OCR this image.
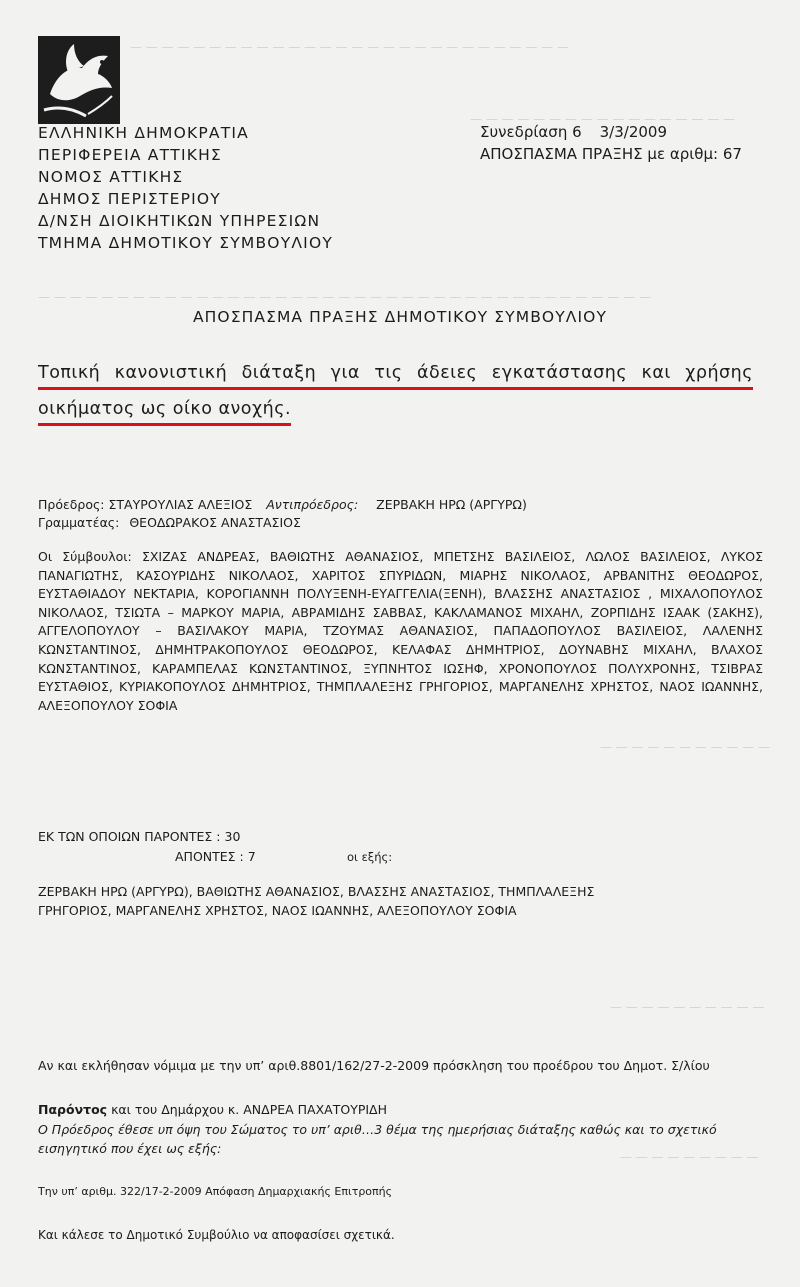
— — — — — — — — — — — — — — — — — — — — — — — — — — — —
— — — — — — — — — — — — — — — — —
— — — — — — — — — — — — — — — — — — — — — — — — — — — — — — — — — — — — — — —
— — — — — — — — — — —
— — — — — — — — — —
— — — — — — — — —
ΕΛΛΗΝΙΚΗ ΔΗΜΟΚΡΑΤΙΑ
ΠΕΡΙΦΕΡΕΙΑ ΑΤΤΙΚΗΣ
ΝΟΜΟΣ ΑΤΤΙΚΗΣ
ΔΗΜΟΣ ΠΕΡΙΣΤΕΡΙΟΥ
Δ/ΝΣΗ ΔΙΟΙΚΗΤΙΚΩΝ ΥΠΗΡΕΣΙΩΝ
ΤΜΗΜΑ ΔΗΜΟΤΙΚΟΥ ΣΥΜΒΟΥΛΙΟΥ
Συνεδρίαση 6 3/3/2009
ΑΠΟΣΠΑΣΜΑ ΠΡΑΞΗΣ με αριθμ: 67
ΑΠΟΣΠΑΣΜΑ ΠΡΑΞΗΣ ΔΗΜΟΤΙΚΟΥ ΣΥΜΒΟΥΛΙΟΥ
Τοπική κανονιστική διάταξη για τις άδειες εγκατάστασης και χρήσης
οικήματος ως οίκο ανοχής.
Πρόεδρος: ΣΤΑΥΡΟΥΛΙΑΣ ΑΛΕΞΙΟΣ Αντιπρόεδρος: ΖΕΡΒΑΚΗ ΗΡΩ (ΑΡΓΥΡΩ)
Γραμματέας: ΘΕΟΔΩΡΑΚΟΣ ΑΝΑΣΤΑΣΙΟΣ
Οι Σύμβουλοι: ΣΧΙΖΑΣ ΑΝΔΡΕΑΣ, ΒΑΘΙΩΤΗΣ ΑΘΑΝΑΣΙΟΣ, ΜΠΕΤΣΗΣ ΒΑΣΙΛΕΙΟΣ, ΛΩΛΟΣ ΒΑΣΙΛΕΙΟΣ, ΛΥΚΟΣ ΠΑΝΑΓΙΩΤΗΣ, ΚΑΣΟΥΡΙΔΗΣ ΝΙΚΟΛΑΟΣ, ΧΑΡΙΤΟΣ ΣΠΥΡΙΔΩΝ, ΜΙΑΡΗΣ ΝΙΚΟΛΑΟΣ, ΑΡΒΑΝΙΤΗΣ ΘΕΟΔΩΡΟΣ, ΕΥΣΤΑΘΙΑΔΟΥ ΝΕΚΤΑΡΙΑ, ΚΟΡΟΓΙΑΝΝΗ ΠΟΛΥΞΕΝΗ-ΕΥΑΓΓΕΛΙΑ(ΞΕΝΗ), ΒΛΑΣΣΗΣ ΑΝΑΣΤΑΣΙΟΣ , ΜΙΧΑΛΟΠΟΥΛΟΣ ΝΙΚΟΛΑΟΣ, ΤΣΙΩΤΑ – ΜΑΡΚΟΥ ΜΑΡΙΑ, ΑΒΡΑΜΙΔΗΣ ΣΑΒΒΑΣ, ΚΑΚΛΑΜΑΝΟΣ ΜΙΧΑΗΛ, ΖΟΡΠΙΔΗΣ ΙΣΑΑΚ (ΣΑΚΗΣ), ΑΓΓΕΛΟΠΟΥΛΟΥ – ΒΑΣΙΛΑΚΟΥ ΜΑΡΙΑ, ΤΖΟΥΜΑΣ ΑΘΑΝΑΣΙΟΣ, ΠΑΠΑΔΟΠΟΥΛΟΣ ΒΑΣΙΛΕΙΟΣ, ΛΑΛΕΝΗΣ ΚΩΝΣΤΑΝΤΙΝΟΣ, ΔΗΜΗΤΡΑΚΟΠΟΥΛΟΣ ΘΕΟΔΩΡΟΣ, ΚΕΛΑΦΑΣ ΔΗΜΗΤΡΙΟΣ, ΔΟΥΝΑΒΗΣ ΜΙΧΑΗΛ, ΒΛΑΧΟΣ ΚΩΝΣΤΑΝΤΙΝΟΣ, ΚΑΡΑΜΠΕΛΑΣ ΚΩΝΣΤΑΝΤΙΝΟΣ, ΞΥΠΝΗΤΟΣ ΙΩΣΗΦ, ΧΡΟΝΟΠΟΥΛΟΣ ΠΟΛΥΧΡΟΝΗΣ, ΤΣΙΒΡΑΣ ΕΥΣΤΑΘΙΟΣ, ΚΥΡΙΑΚΟΠΟΥΛΟΣ ΔΗΜΗΤΡΙΟΣ, ΤΗΜΠΛΑΛΕΞΗΣ ΓΡΗΓΟΡΙΟΣ, ΜΑΡΓΑΝΕΛΗΣ ΧΡΗΣΤΟΣ, ΝΑΟΣ ΙΩΑΝΝΗΣ, ΑΛΕΞΟΠΟΥΛΟΥ ΣΟΦΙΑ
ΕΚ ΤΩΝ ΟΠΟΙΩΝ ΠΑΡΟΝΤΕΣ : 30
ΑΠΟΝΤΕΣ : 7	οι εξής:
ΖΕΡΒΑΚΗ ΗΡΩ (ΑΡΓΥΡΩ), ΒΑΘΙΩΤΗΣ ΑΘΑΝΑΣΙΟΣ, ΒΛΑΣΣΗΣ ΑΝΑΣΤΑΣΙΟΣ, ΤΗΜΠΛΑΛΕΞΗΣ ΓΡΗΓΟΡΙΟΣ, ΜΑΡΓΑΝΕΛΗΣ ΧΡΗΣΤΟΣ, ΝΑΟΣ ΙΩΑΝΝΗΣ, ΑΛΕΞΟΠΟΥΛΟΥ ΣΟΦΙΑ
Αν και εκλήθησαν νόμιμα με την υπ’ αριθ.8801/162/27-2-2009 πρόσκληση του προέδρου του Δημοτ. Σ/λίου
Παρόντος και του Δημάρχου κ. ΑΝΔΡΕΑ ΠΑΧΑΤΟΥΡΙΔΗ
Ο Πρόεδρος έθεσε υπ όψη του Σώματος το υπ’ αριθ…3 θέμα της ημερήσιας διάταξης καθώς και το σχετικό εισηγητικό που έχει ως εξής:
Την υπ’ αριθμ. 322/17-2-2009 Απόφαση Δημαρχιακής Επιτροπής
Και κάλεσε το Δημοτικό Συμβούλιο να αποφασίσει σχετικά.
